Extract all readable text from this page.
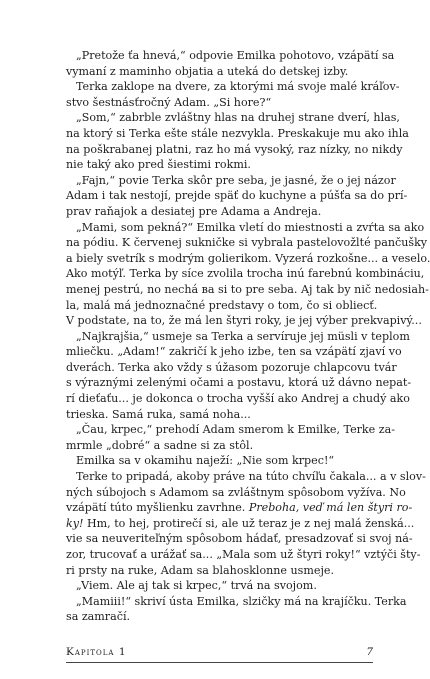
„Pretože ťa hnevá,“ odpovie Emilka pohotovo, vzápätí sa
vymaní z maminho objatia a uteká do detskej izby.
Terka zaklope na dvere, za ktorými má svoje malé kráľov-
stvo šestnásťročný Adam. „Si hore?“
„Som,“ zabrble zvláštny hlas na druhej strane dverí, hlas,
na ktorý si Terka ešte stále nezvykla. Preskakuje mu ako ihla
na poškrabanej platni, raz ho má vysoký, raz nízky, no nikdy
nie taký ako pred šiestimi rokmi.
„Fajn,“ povie Terka skôr pre seba, je jasné, že o jej názor
Adam i tak nestojí, prejde späť do kuchyne a púšťa sa do prí-
prav raňajok a desiatej pre Adama a Andreja.
„Mami, som pekná?“ Emilka vletí do miestnosti a zvŕta sa ako
na pódiu. K červenej sukničke si vybrala pastelovožlté pančušky
a biely svetrík s modrým golierikom. Vyzerá rozkošne... a veselo.
Ako motýľ. Terka by síce zvolila trocha inú farebnú kombináciu,
menej pestrú, no nechá ва si to pre seba. Aj tak by nič nedosiah-
la, malá má jednoznačné predstavy o tom, čo si oblieсť.
V podstate, na to, že má len štyri roky, je jej výber prekvapivý...
„Najkrajšia,“ usmeje sa Terka a servíruje jej müsli v teplom
mliečku. „Adam!“ zakričí k jeho izbe, ten sa vzápätí zjaví vo
dverách. Terka ako vždy s úžasom pozoruje chlapcovu tvár
s výraznými zelenými očami a postavu, ktorá už dávno nepat-
rí dieťaťu... je dokonca o trocha vyšší ako Andrej a chudý ako
trieska. Samá ruka, samá noha...
„Čau, krpec,“ prehodí Adam smerom k Emilke, Terke za-
mrmle „dobré“ a sadne si za stôl.
Emilka sa v okamihu naježí: „Nie som krpec!“
Terke to pripadá, akoby práve na túto chvíľu čakala... a v slov-
ných súbojoch s Adamom sa zvláštnym spôsobom vyžíva. No
vzápätí túto myšlienku zavrhne. Preboha, veď má len štyri ro-
ky! Hm, to hej, protirečí si, ale už teraz je z nej malá ženská...
vie sa neuveriteľným spôsobom hádať, presadzovať si svoj ná-
zor, trucovať a urážať sa... „Mala som už štyri roky!“ vztýči šty-
ri prsty na ruke, Adam sa blahosklonne usmeje.
„Viem. Ale aj tak si krpec,“ trvá na svojom.
„Mamiii!“ skriví ústa Emilka, slzičky má na krajíčku. Terka
sa zamračí.
Kapitola 1	7
